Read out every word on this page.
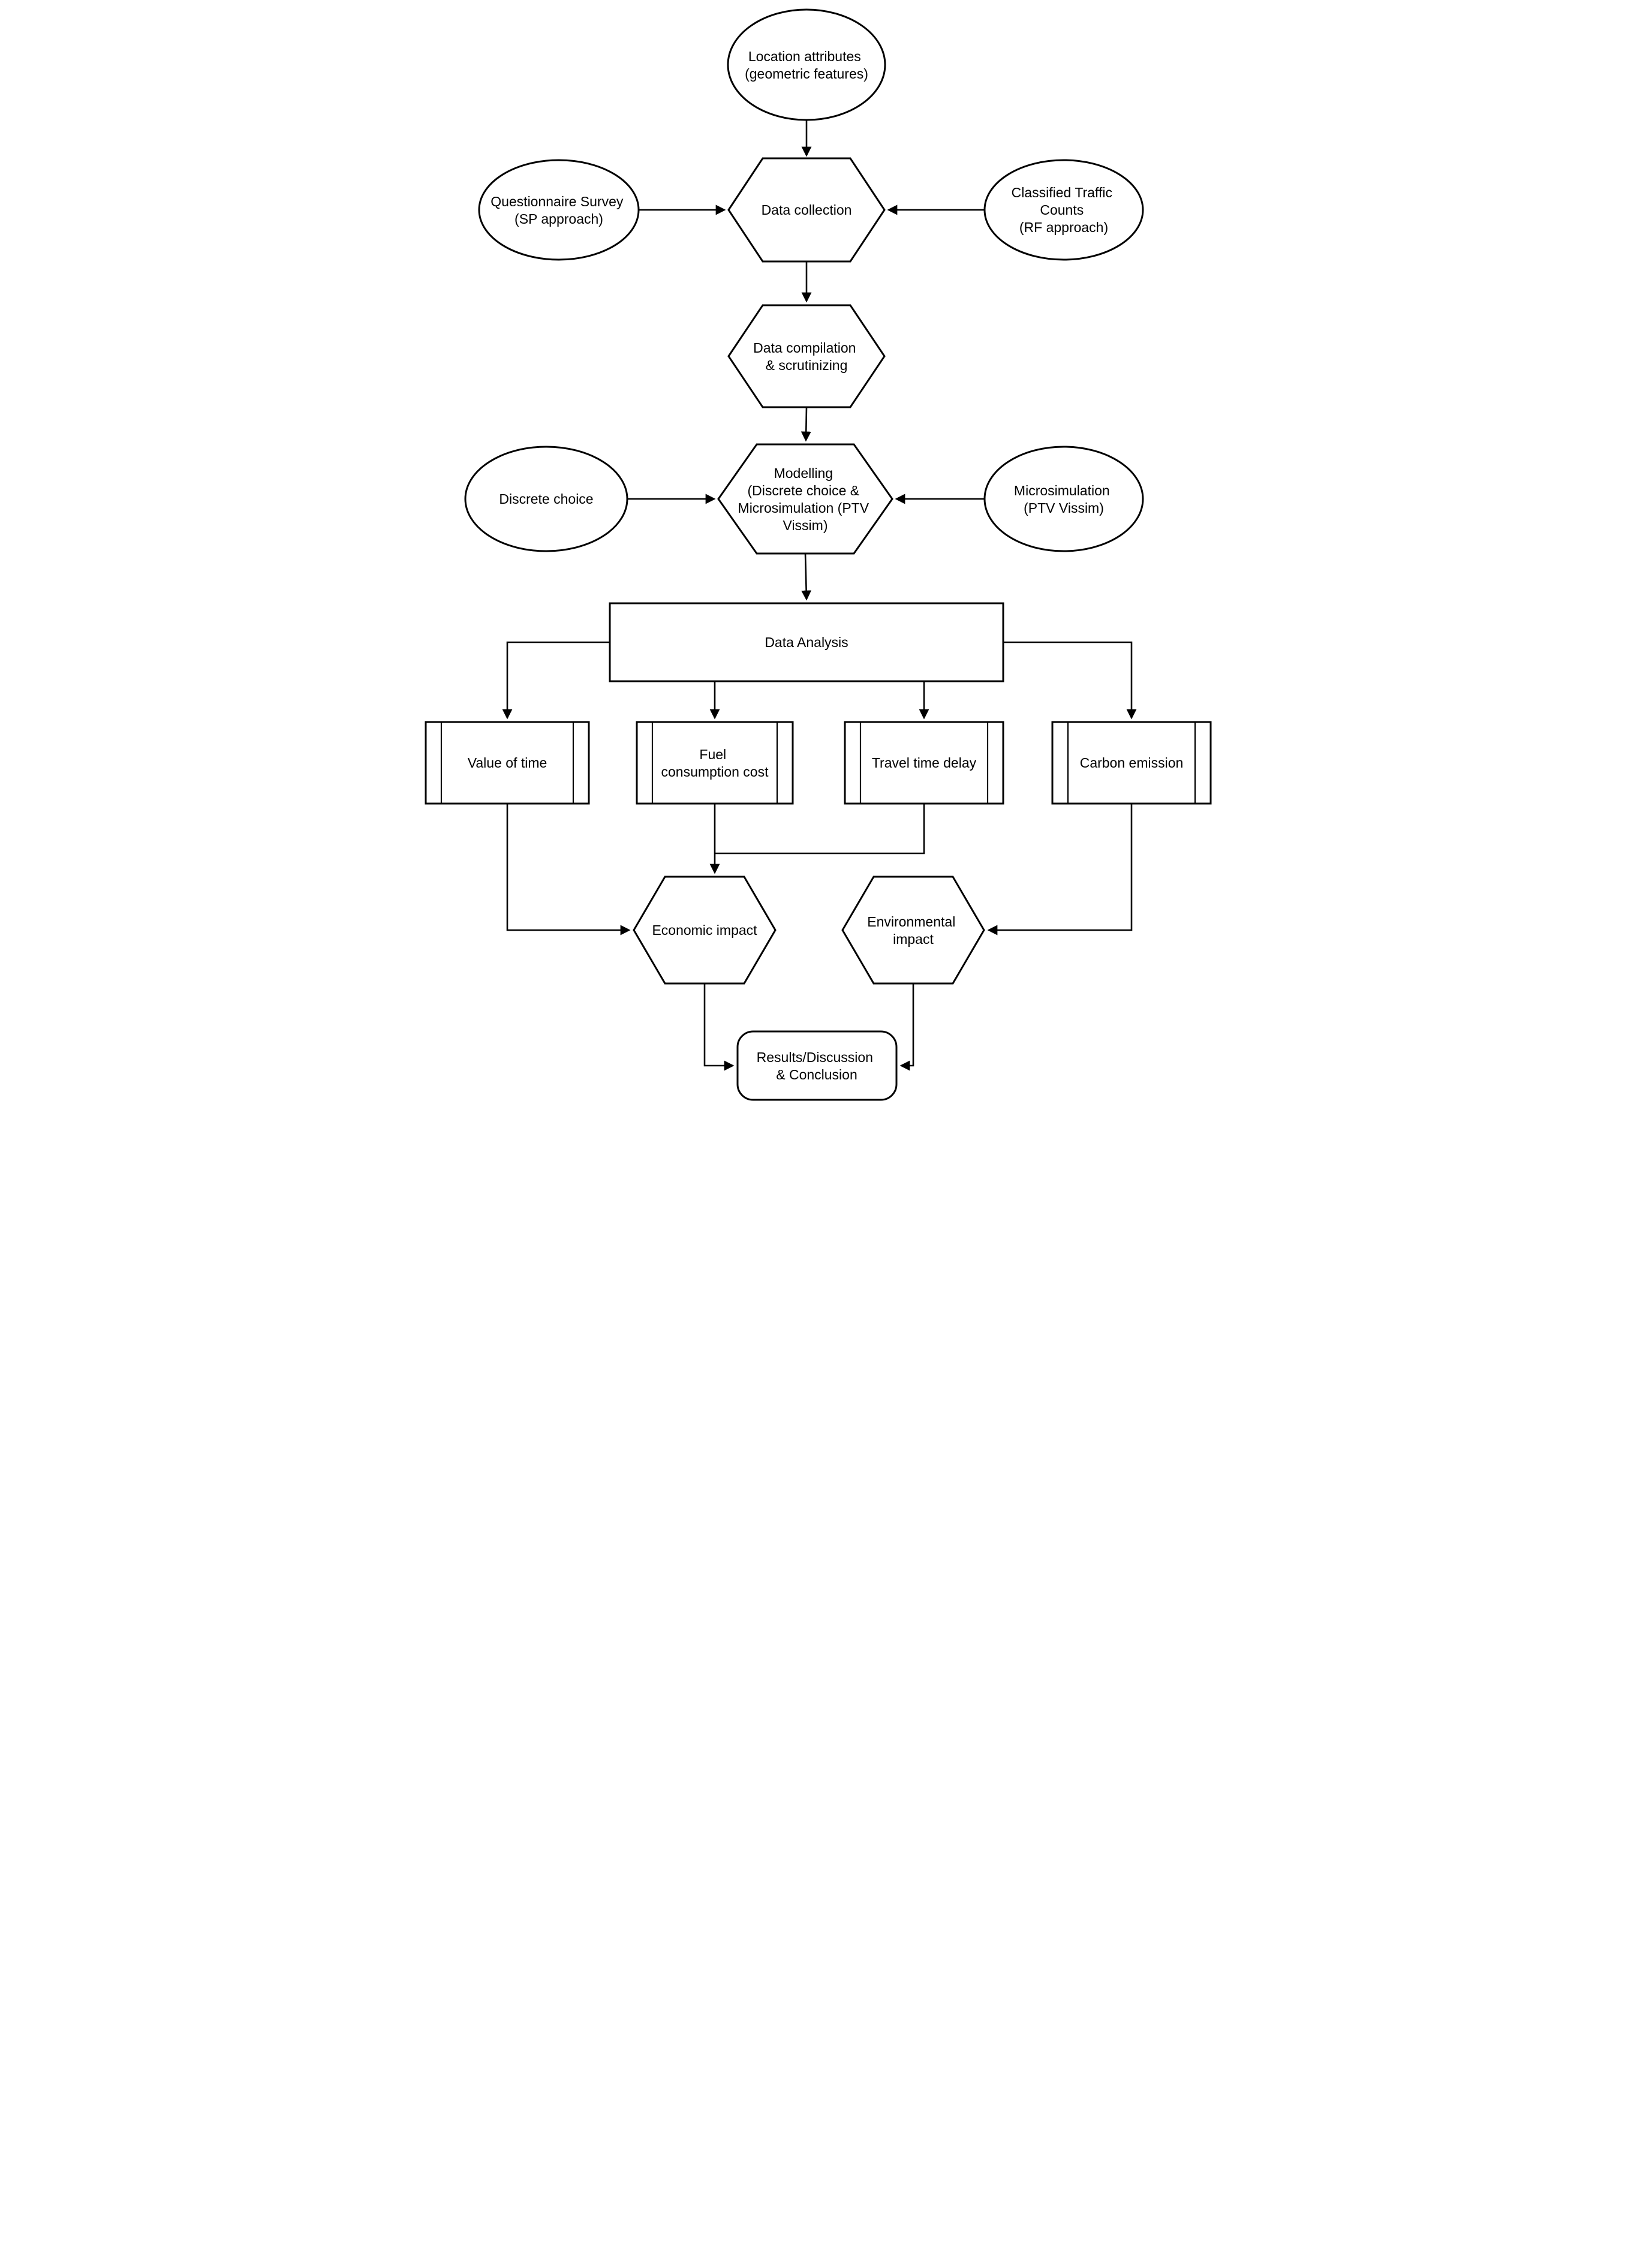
Location attributes (geometric features)
Questionnaire Survey (SP approach)
Data collection
Classified Traffic Counts (RF approach)
Data compilation & scrutinizing
Discrete choice
Modelling (Discrete choice & Microsimulation (PTV Vissim)
Microsimulation (PTV Vissim)
Data Analysis
Value of time
Fuel consumption cost
Travel time delay	Carbon emission
Economic impact
Environmental impact
Results/Discussion & Conclusion
